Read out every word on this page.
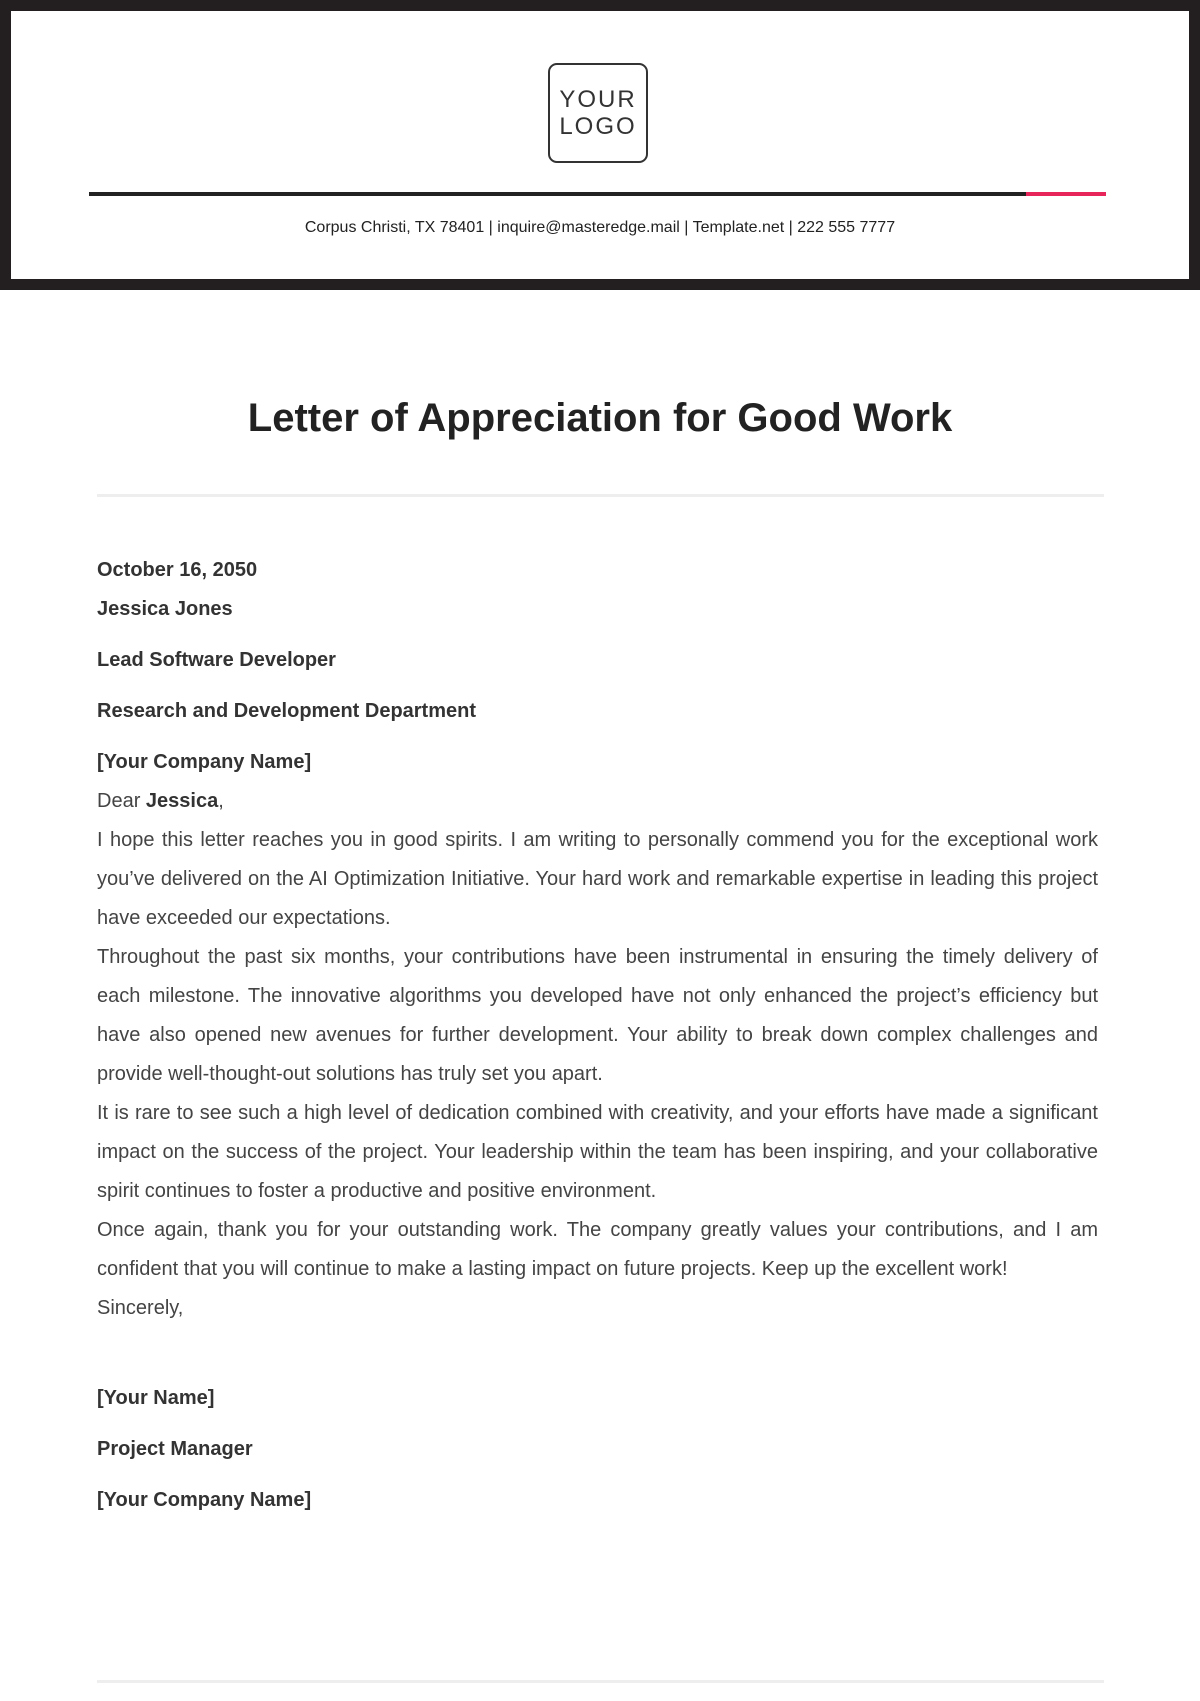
YOUR
LOGO
Corpus Christi, TX 78401 | inquire@masteredge.mail | Template.net | 222 555 7777
Letter of Appreciation for Good Work
October 16, 2050
Jessica Jones
Lead Software Developer
Research and Development Department
[Your Company Name]
Dear Jessica,

I hope this letter reaches you in good spirits. I am writing to personally commend you for the exceptional work you’ve delivered on the AI Optimization Initiative. Your hard work and remarkable expertise in leading this project have exceeded our expectations.

Throughout the past six months, your contributions have been instrumental in ensuring the timely delivery of each milestone. The innovative algorithms you developed have not only enhanced the project’s efficiency but have also opened new avenues for further development. Your ability to break down complex challenges and provide well-thought-out solutions has truly set you apart.

It is rare to see such a high level of dedication combined with creativity, and your efforts have made a significant impact on the success of the project. Your leadership within the team has been inspiring, and your collaborative spirit continues to foster a productive and positive environment.

Once again, thank you for your outstanding work. The company greatly values your contributions, and I am confident that you will continue to make a lasting impact on future projects. Keep up the excellent work!

Sincerely,
[Your Name]
Project Manager
[Your Company Name]
